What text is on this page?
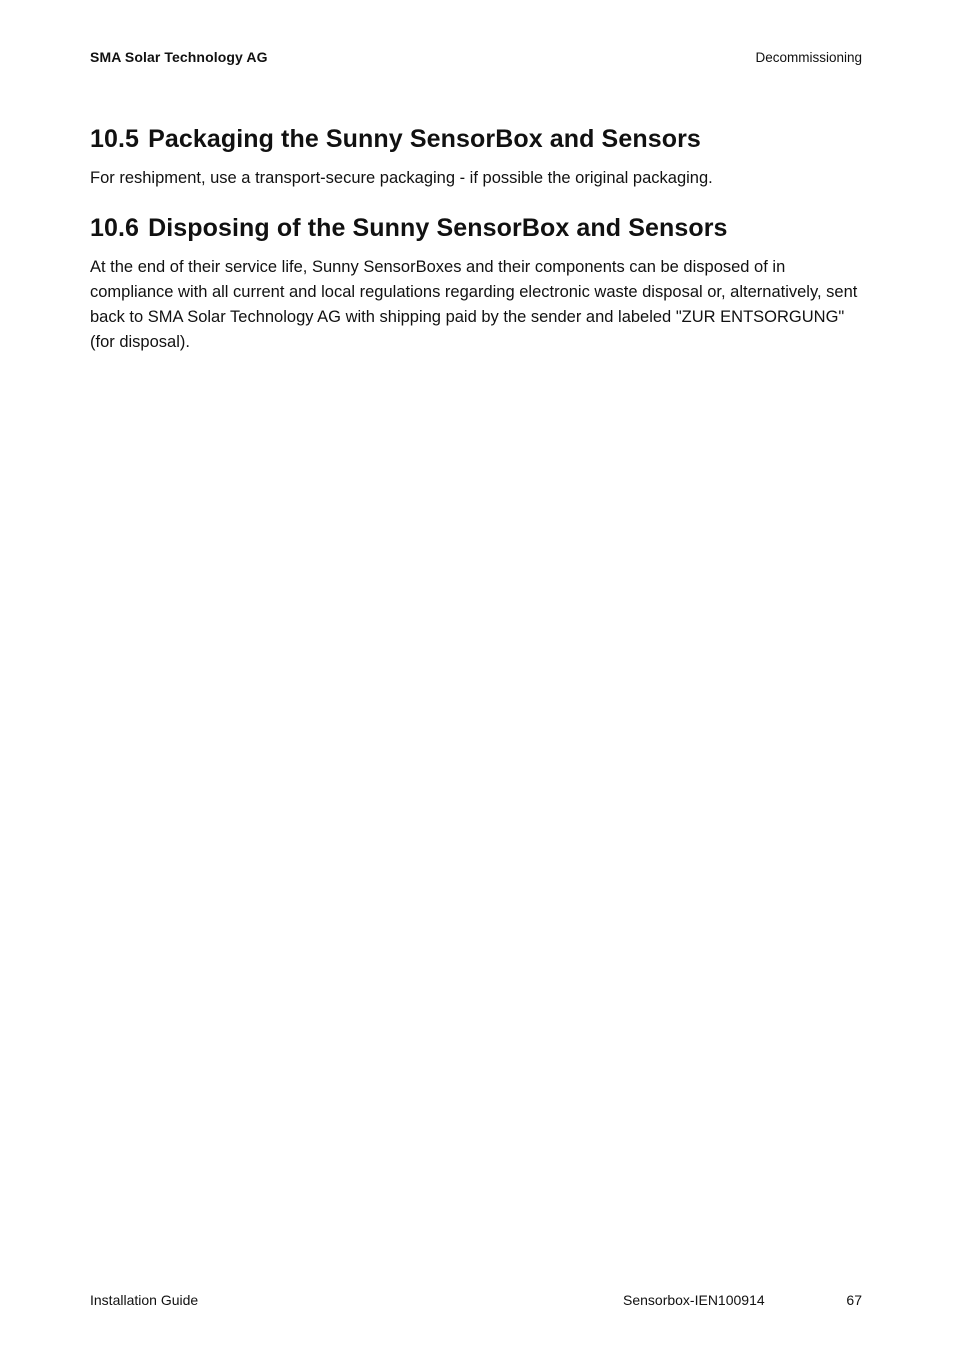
SMA Solar Technology AG	Decommissioning
10.5 Packaging the Sunny SensorBox and Sensors

For reshipment, use a transport-secure packaging - if possible the original packaging.

10.6 Disposing of the Sunny SensorBox and Sensors

At the end of their service life, Sunny SensorBoxes and their components can be disposed of in compliance with all current and local regulations regarding electronic waste disposal or, alternatively, sent back to SMA Solar Technology AG with shipping paid by the sender and labeled "ZUR ENTSORGUNG" (for disposal).

Installation Guide	Sensorbox-IEN100914	67
